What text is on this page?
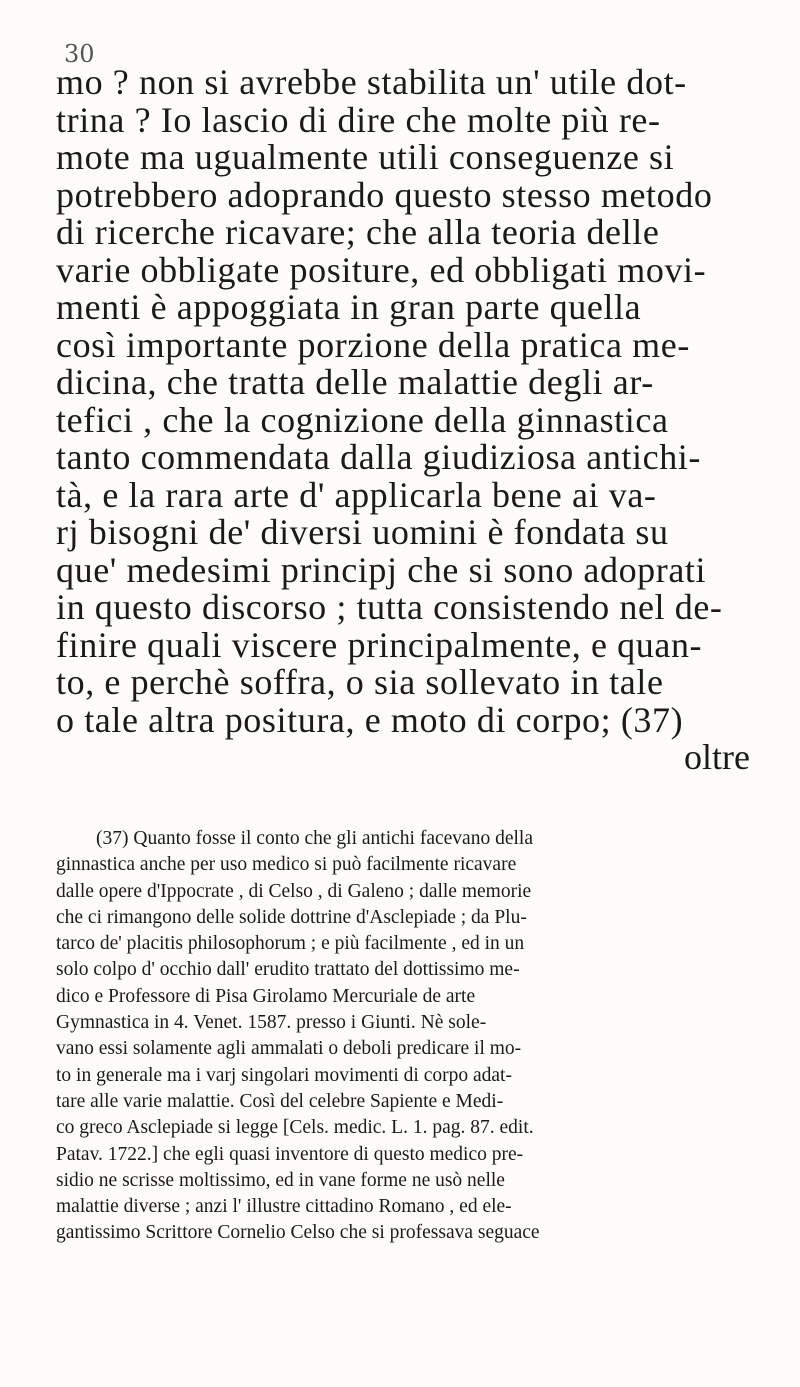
30
mo ? non si avrebbe stabilita un' utile dot-
trina ? Io lascio di dire che molte più re-
mote ma ugualmente utili conseguenze si
potrebbero adoprando questo stesso metodo
di ricerche ricavare; che alla teoria delle
varie obbligate positure, ed obbligati movi-
menti è appoggiata in gran parte quella
così importante porzione della pratica me-
dicina, che tratta delle malattie degli ar-
tefici , che la cognizione della ginnastica
tanto commendata dalla giudiziosa antichi-
tà, e la rara arte d' applicarla bene ai va-
rj bisogni de' diversi uomini è fondata su
que' medesimi principj che si sono adoprati
in questo discorso ; tutta consistendo nel de-
finire quali viscere principalmente, e quan-
to, e perchè soffra, o sia sollevato in tale
o tale altra positura, e moto di corpo; (37)
oltre
(37) Quanto fosse il conto che gli antichi facevano della
ginnastica anche per uso medico si può facilmente ricavare
dalle opere d'Ippocrate , di Celso , di Galeno ; dalle memorie
che ci rimangono delle solide dottrine d'Asclepiade ; da Plu-
tarco de' placitis philosophorum ; e più facilmente , ed in un
solo colpo d' occhio dall' erudito trattato del dottissimo me-
dico e Professore di Pisa Girolamo Mercuriale de arte
Gymnastica in 4. Venet. 1587. presso i Giunti. Nè sole-
vano essi solamente agli ammalati o deboli predicare il mo-
to in generale ma i varj singolari movimenti di corpo adat-
tare alle varie malattie. Così del celebre Sapiente e Medi-
co greco Asclepiade si legge [Cels. medic. L. 1. pag. 87. edit.
Patav. 1722.] che egli quasi inventore di questo medico pre-
sidio ne scrisse moltissimo, ed in vane forme ne usò nelle
malattie diverse ; anzi l' illustre cittadino Romano , ed ele-
gantissimo Scrittore Cornelio Celso che si professava seguace
